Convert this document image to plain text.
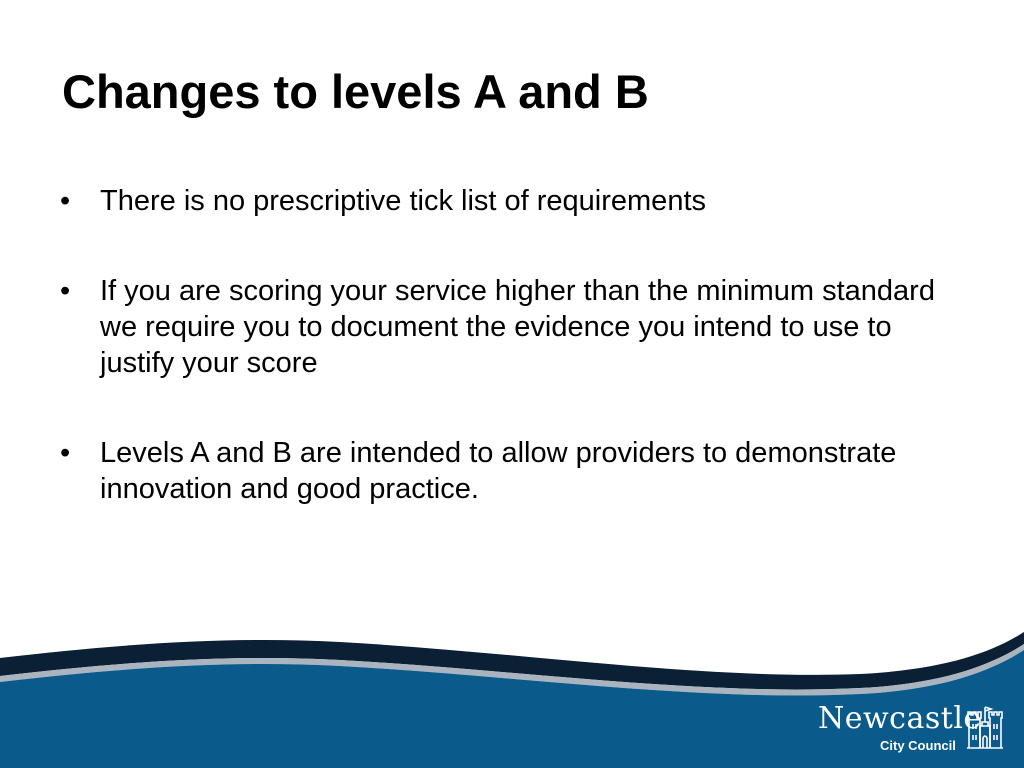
Changes to levels A and B
• There is no prescriptive tick list of requirements
• If you are scoring your service higher than the minimum standard we require you to document the evidence you intend to use to justify your score
• Levels A and B are intended to allow providers to demonstrate innovation and good practice.
Newcastle
City Council
